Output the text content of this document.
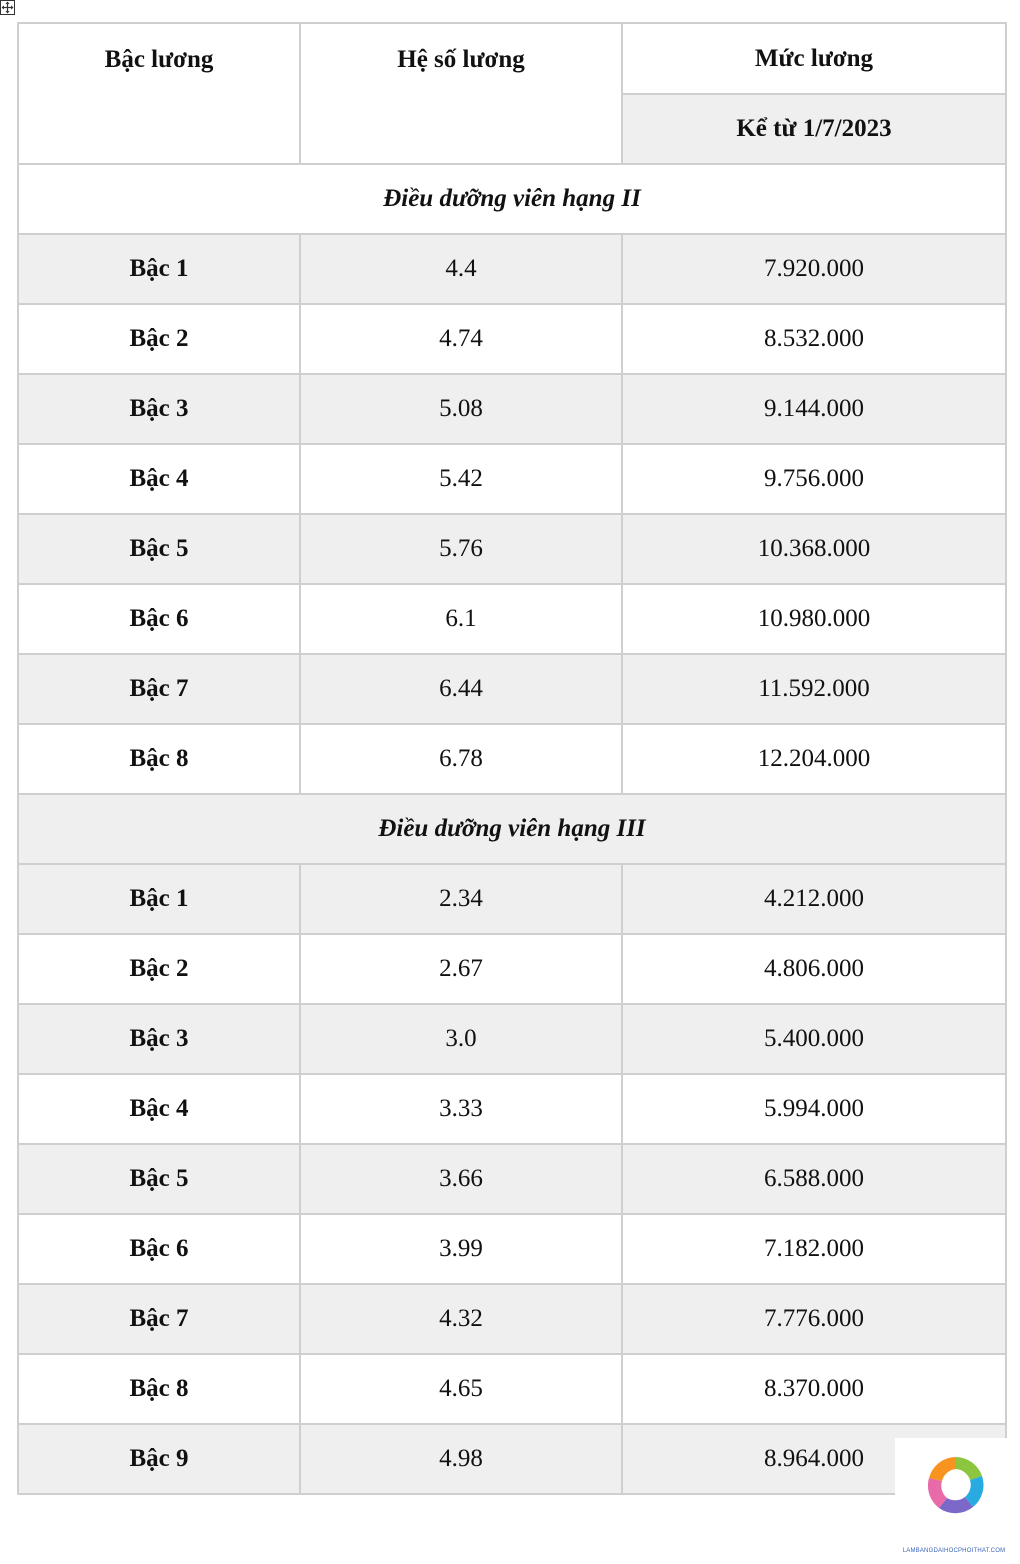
Bậc lương	Hệ số lương	Mức lương
		Kể từ 1/7/2023
Điều dưỡng viên hạng II		
Bậc 1	4.4	7.920.000
Bậc 2	4.74	8.532.000
Bậc 3	5.08	9.144.000
Bậc 4	5.42	9.756.000
Bậc 5	5.76	10.368.000
Bậc 6	6.1	10.980.000
Bậc 7	6.44	11.592.000
Bậc 8	6.78	12.204.000
Điều dưỡng viên hạng III		
Bậc 1	2.34	4.212.000
Bậc 2	2.67	4.806.000
Bậc 3	3.0	5.400.000
Bậc 4	3.33	5.994.000
Bậc 5	3.66	6.588.000
Bậc 6	3.99	7.182.000
Bậc 7	4.32	7.776.000
Bậc 8	4.65	8.370.000
Bậc 9	4.98	8.964.000
LAMBANGDAIHOCPHOITHAT.COM
